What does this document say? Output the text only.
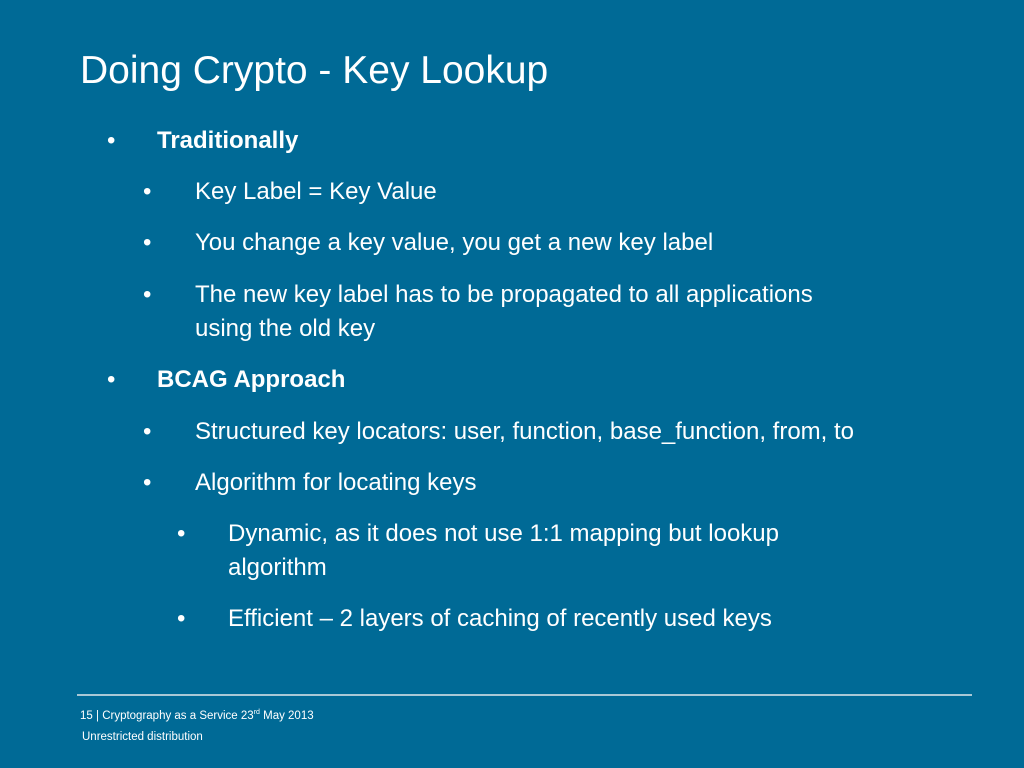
Doing Crypto - Key Lookup
• Traditionally
• Key Label = Key Value
• You change a key value, you get a new key label
• The new key label has to be propagated to all applications
using the old key
• BCAG Approach
• Structured key locators: user, function, base_function, from, to
• Algorithm for locating keys
• Dynamic, as it does not use 1:1 mapping but lookup
algorithm
• Efficient – 2 layers of caching of recently used keys
15 | Cryptography as a Service 23rd May 2013
Unrestricted distribution
